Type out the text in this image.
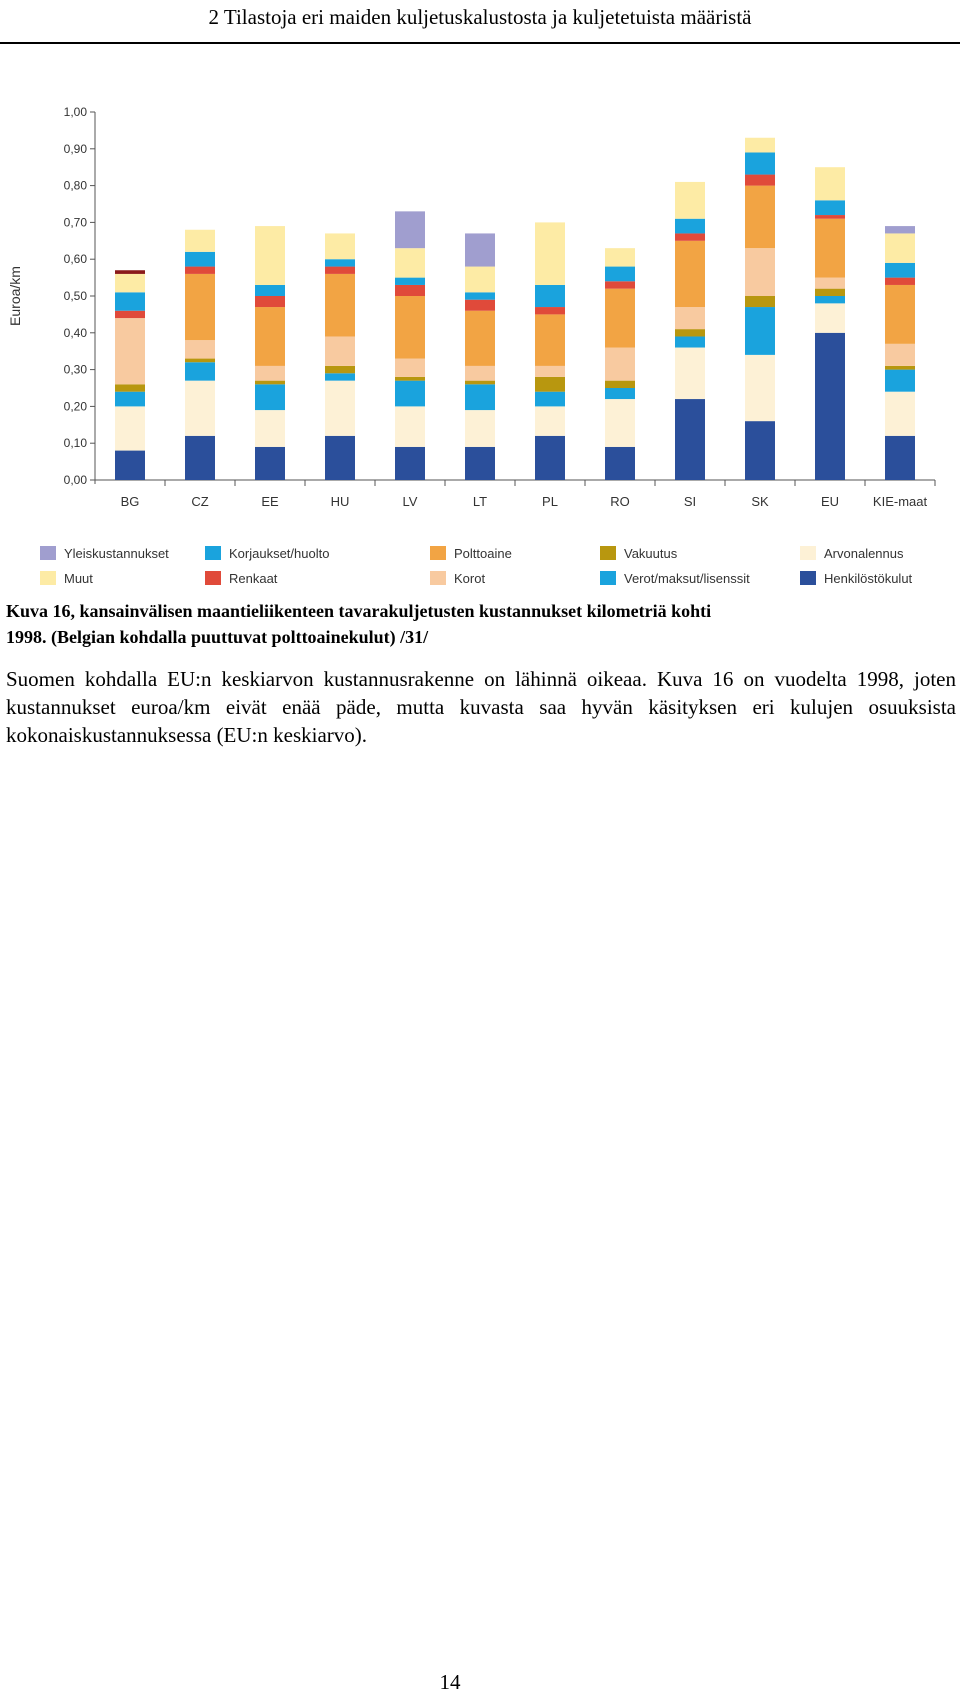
2 Tilastoja eri maiden kuljetuskalustosta ja kuljetetuista määristä
0,00
0,10
0,20
0,30
0,40
0,50
0,60
0,70
0,80
0,90
1,00
Euroa/km
BG	CZ	EE	HU	LV	LT	PL	RO	SI	SK	EU	KIE-maat
Yleiskustannukset	Korjaukset/huolto	Polttoaine	Vakuutus	Arvonalennus
Muut	Renkaat	Korot	Verot/maksut/lisenssit	Henkilöstökulut
Kuva 16, kansainvälisen maantieliikenteen tavarakuljetusten kustannukset kilometriä kohti
1998. (Belgian kohdalla puuttuvat polttoainekulut) /31/
Suomen kohdalla EU:n keskiarvon kustannusrakenne on lähinnä oikeaa. Kuva 16 on vuodelta 1998, joten kustannukset euroa/km eivät enää päde, mutta kuvasta saa hyvän käsityksen eri kulujen osuuksista kokonaiskustannuksessa (EU:n keskiarvo).
14
